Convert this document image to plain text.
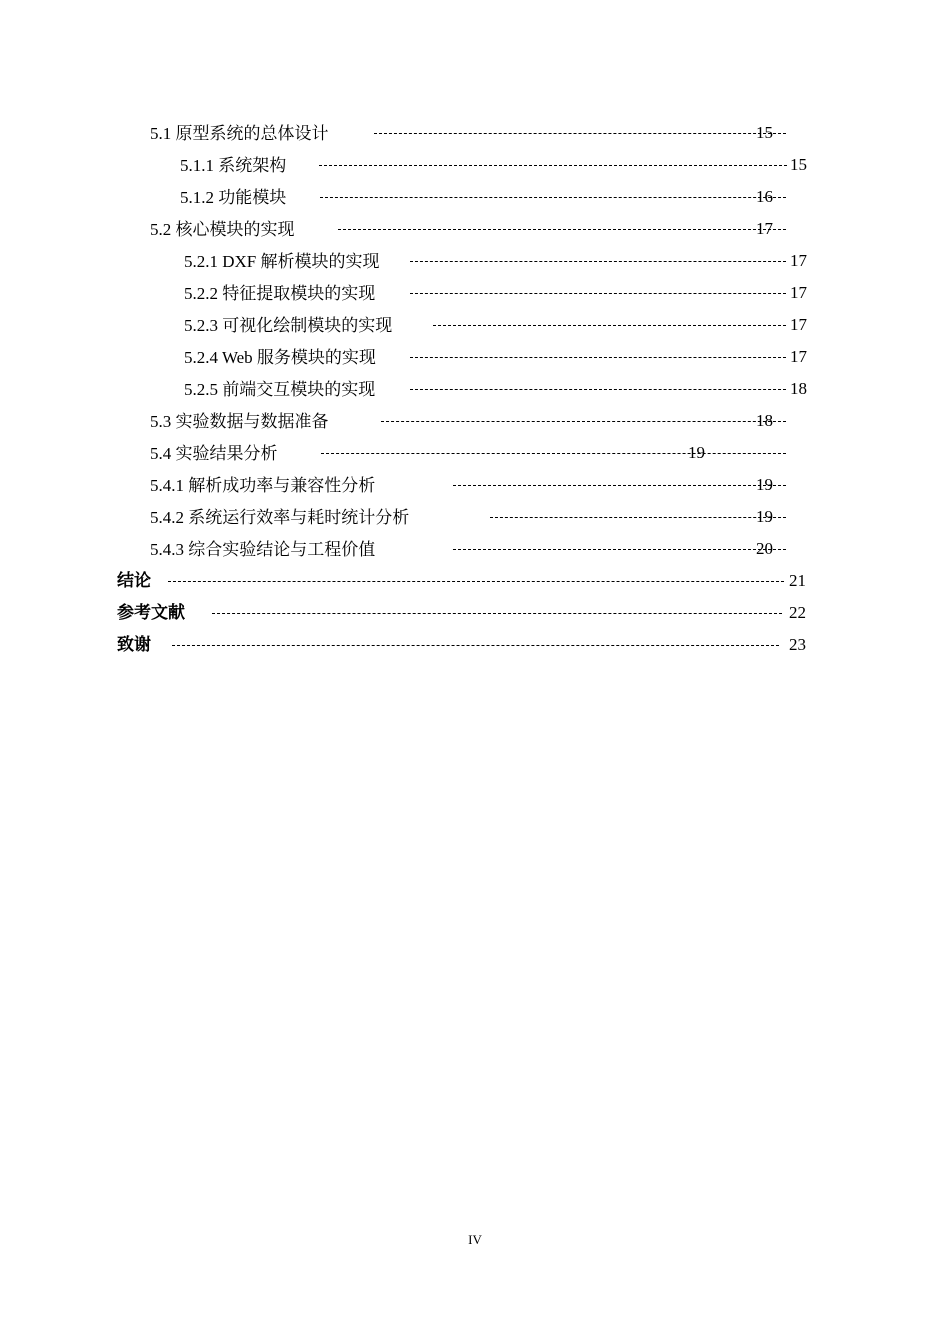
5.1 原型系统的总体设计	15
5.1.1 系统架构	15
5.1.2 功能模块	16
5.2 核心模块的实现	17
5.2.1 DXF 解析模块的实现	17
5.2.2 特征提取模块的实现	17
5.2.3 可视化绘制模块的实现	17
5.2.4 Web 服务模块的实现	17
5.2.5 前端交互模块的实现	18
5.3 实验数据与数据准备	18
5.4 实验结果分析	19
5.4.1 解析成功率与兼容性分析	19
5.4.2 系统运行效率与耗时统计分析	19
5.4.3 综合实验结论与工程价值	20
结论	21
参考文献	22
致谢	23
IV
